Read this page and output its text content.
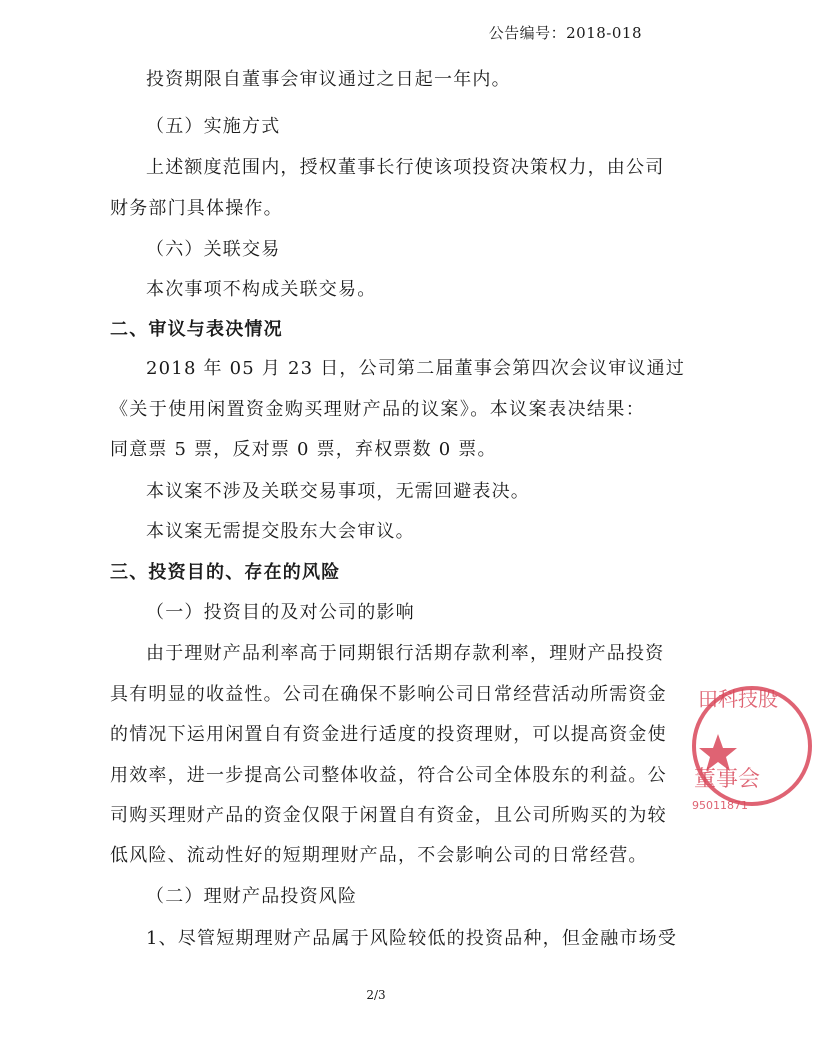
公告编号：2018-018
投资期限自董事会审议通过之日起一年内。
（五）实施方式
上述额度范围内，授权董事长行使该项投资决策权力，由公司
财务部门具体操作。
（六）关联交易
本次事项不构成关联交易。
二、审议与表决情况
2018 年 05 月 23 日，公司第二届董事会第四次会议审议通过
《关于使用闲置资金购买理财产品的议案》。本议案表决结果：
同意票 5 票，反对票 0 票，弃权票数 0 票。
本议案不涉及关联交易事项，无需回避表决。
本议案无需提交股东大会审议。
三、投资目的、存在的风险
（一）投资目的及对公司的影响
由于理财产品利率高于同期银行活期存款利率，理财产品投资
具有明显的收益性。公司在确保不影响公司日常经营活动所需资金
的情况下运用闲置自有资金进行适度的投资理财，可以提高资金使
用效率，进一步提高公司整体收益，符合公司全体股东的利益。公
司购买理财产品的资金仅限于闲置自有资金，且公司所购买的为较
低风险、流动性好的短期理财产品，不会影响公司的日常经营。
（二）理财产品投资风险
1、尽管短期理财产品属于风险较低的投资品种，但金融市场受
田科技股
董事会
95011871
2/3
